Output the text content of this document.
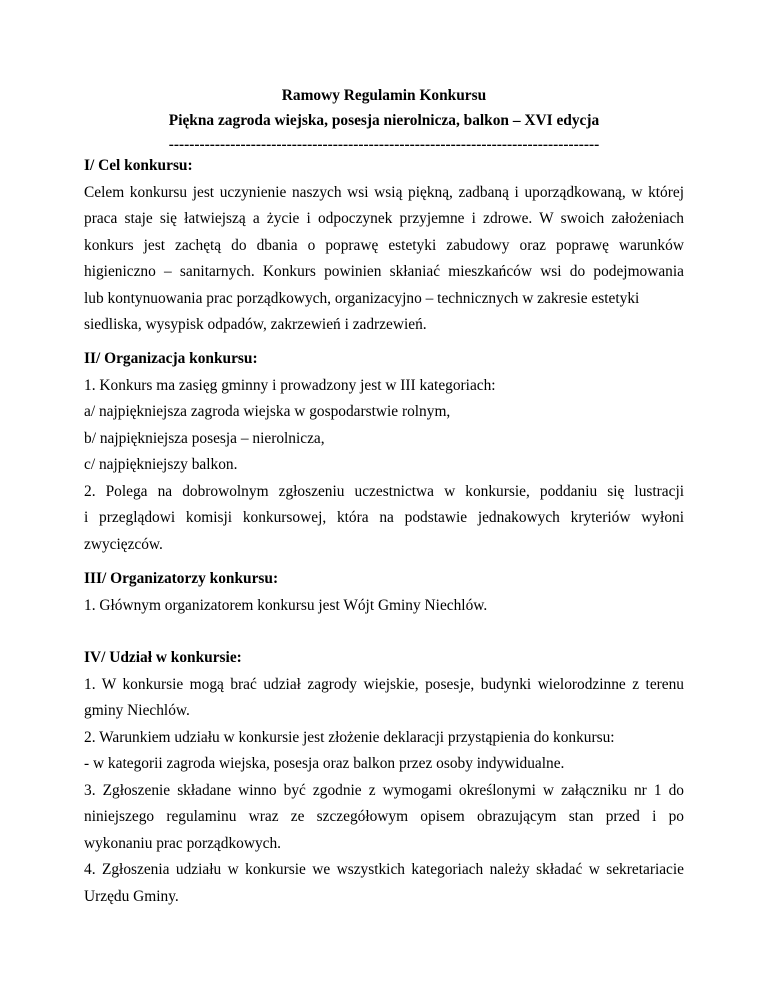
Ramowy Regulamin Konkursu
Piękna zagroda wiejska, posesja nierolnicza, balkon – XVI edycja
------------------------------------------------------------------------------------
I/ Cel konkursu:
Celem konkursu jest uczynienie naszych wsi wsią piękną, zadbaną i uporządkowaną, w której
praca staje się łatwiejszą a życie i odpoczynek przyjemne i zdrowe. W swoich założeniach
konkurs jest zachętą do dbania o poprawę estetyki zabudowy oraz poprawę warunków
higieniczno – sanitarnych. Konkurs powinien skłaniać mieszkańców wsi do podejmowania
lub kontynuowania prac porządkowych, organizacyjno – technicznych w zakresie estetyki
siedliska, wysypisk odpadów, zakrzewień i zadrzewień.
II/ Organizacja konkursu:
1. Konkurs ma zasięg gminny i prowadzony jest w III kategoriach:
a/ najpiękniejsza zagroda wiejska w gospodarstwie rolnym,
b/ najpiękniejsza posesja – nierolnicza,
c/ najpiękniejszy balkon.
2. Polega na dobrowolnym zgłoszeniu uczestnictwa w konkursie, poddaniu się lustracji
i przeglądowi komisji konkursowej, która na podstawie jednakowych kryteriów wyłoni
zwycięzców.
III/ Organizatorzy konkursu:
1. Głównym organizatorem konkursu jest Wójt Gminy Niechlów.
IV/ Udział w konkursie:
1. W konkursie mogą brać udział zagrody wiejskie, posesje, budynki wielorodzinne z terenu
gminy Niechlów.
2. Warunkiem udziału w konkursie jest złożenie deklaracji przystąpienia do konkursu:
- w kategorii zagroda wiejska, posesja oraz balkon przez osoby indywidualne.
3. Zgłoszenie składane winno być zgodnie z wymogami określonymi w załączniku nr 1 do
niniejszego regulaminu wraz ze szczegółowym opisem obrazującym stan przed i po
wykonaniu prac porządkowych.
4. Zgłoszenia udziału w konkursie we wszystkich kategoriach należy składać w sekretariacie
Urzędu Gminy.
